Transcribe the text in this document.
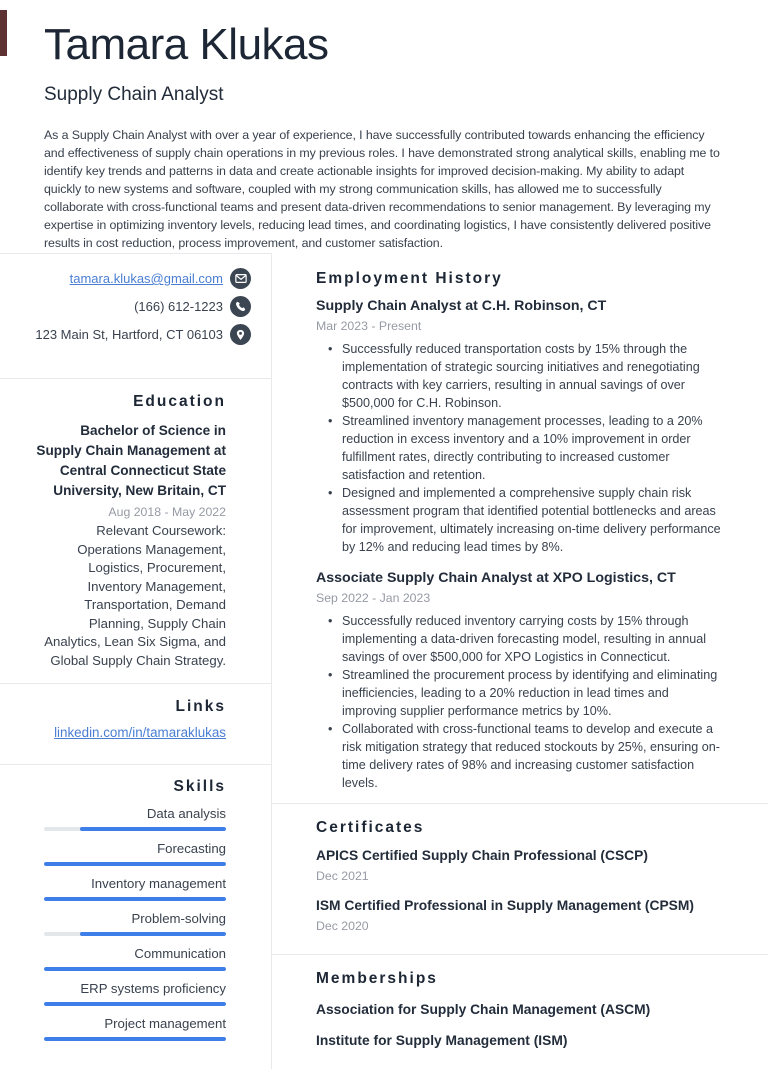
Tamara Klukas
Supply Chain Analyst
As a Supply Chain Analyst with over a year of experience, I have successfully contributed towards enhancing the efficiency and effectiveness of supply chain operations in my previous roles. I have demonstrated strong analytical skills, enabling me to identify key trends and patterns in data and create actionable insights for improved decision-making. My ability to adapt quickly to new systems and software, coupled with my strong communication skills, has allowed me to successfully collaborate with cross-functional teams and present data-driven recommendations to senior management. By leveraging my expertise in optimizing inventory levels, reducing lead times, and coordinating logistics, I have consistently delivered positive results in cost reduction, process improvement, and customer satisfaction.
tamara.klukas@gmail.com
(166) 612-1223
123 Main St, Hartford, CT 06103
Education
Bachelor of Science in Supply Chain Management at Central Connecticut State University, New Britain, CT
Aug 2018 - May 2022
Relevant Coursework: Operations Management, Logistics, Procurement, Inventory Management, Transportation, Demand Planning, Supply Chain Analytics, Lean Six Sigma, and Global Supply Chain Strategy.
Links
linkedin.com/in/tamaraklukas
Skills
Data analysis
Forecasting
Inventory management
Problem-solving
Communication
ERP systems proficiency
Project management
Employment History
Supply Chain Analyst at C.H. Robinson, CT
Mar 2023 - Present
• Successfully reduced transportation costs by 15% through the implementation of strategic sourcing initiatives and renegotiating contracts with key carriers, resulting in annual savings of over $500,000 for C.H. Robinson.
• Streamlined inventory management processes, leading to a 20% reduction in excess inventory and a 10% improvement in order fulfillment rates, directly contributing to increased customer satisfaction and retention.
• Designed and implemented a comprehensive supply chain risk assessment program that identified potential bottlenecks and areas for improvement, ultimately increasing on-time delivery performance by 12% and reducing lead times by 8%.
Associate Supply Chain Analyst at XPO Logistics, CT
Sep 2022 - Jan 2023
• Successfully reduced inventory carrying costs by 15% through implementing a data-driven forecasting model, resulting in annual savings of over $500,000 for XPO Logistics in Connecticut.
• Streamlined the procurement process by identifying and eliminating inefficiencies, leading to a 20% reduction in lead times and improving supplier performance metrics by 10%.
• Collaborated with cross-functional teams to develop and execute a risk mitigation strategy that reduced stockouts by 25%, ensuring on-time delivery rates of 98% and increasing customer satisfaction levels.
Certificates
APICS Certified Supply Chain Professional (CSCP)
Dec 2021
ISM Certified Professional in Supply Management (CPSM)
Dec 2020
Memberships
Association for Supply Chain Management (ASCM)
Institute for Supply Management (ISM)
